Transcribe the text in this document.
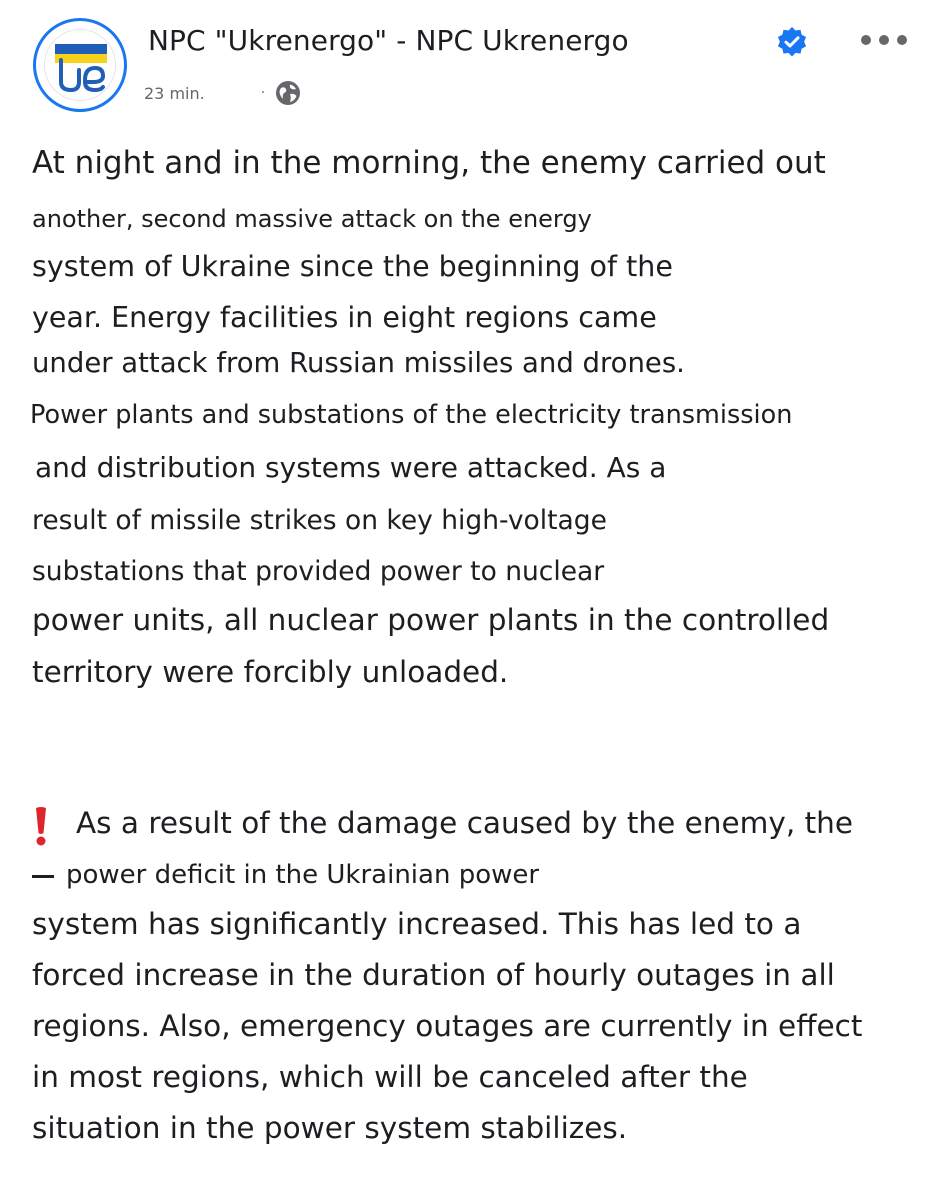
NPC "Ukrenergo" - NPC Ukrenergo
23 min.	·
At night and in the morning, the enemy carried out
another, second massive attack on the energy
system of Ukraine since the beginning of the
year. Energy facilities in eight regions came
under attack from Russian missiles and drones.
Power plants and substations of the electricity transmission
and distribution systems were attacked. As a
result of missile strikes on key high-voltage
substations that provided power to nuclear
power units, all nuclear power plants in the controlled
territory were forcibly unloaded.
As a result of the damage caused by the enemy, the
power deficit in the Ukrainian power
system has significantly increased. This has led to a
forced increase in the duration of hourly outages in all
regions. Also, emergency outages are currently in effect
in most regions, which will be canceled after the
situation in the power system stabilizes.
